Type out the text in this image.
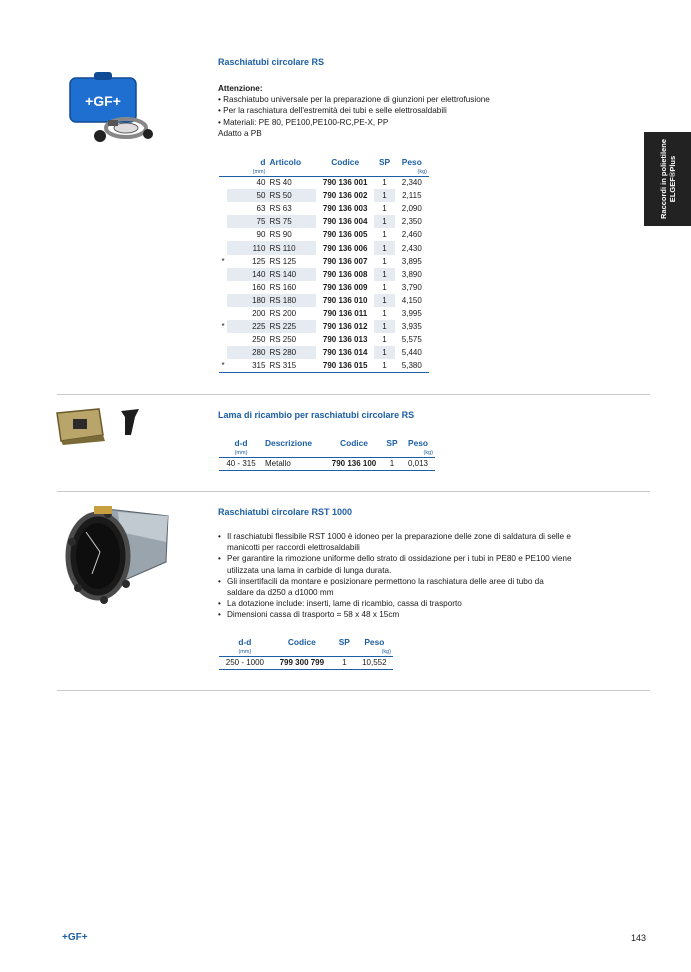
Raccordi in polietilene ELGEF®Plus
+GF+
Raschiatubi circolare RS
Attenzione:
• Raschiatubo universale per la preparazione di giunzioni per elettrofusione
• Per la raschiatura dell'estremità dei tubi e selle elettrosaldabili
• Materiali: PE 80, PE100,PE100-RC,PE-X, PP
Adatto a PB
	d	Articolo	Codice	SP	Peso
	(mm)				(kg)
	40	RS 40	790 136 001	1	2,340
	50	RS 50	790 136 002	1	2,115
	63	RS 63	790 136 003	1	2,090
	75	RS 75	790 136 004	1	2,350
	90	RS 90	790 136 005	1	2,460
	110	RS 110	790 136 006	1	2,430
*	125	RS 125	790 136 007	1	3,895
	140	RS 140	790 136 008	1	3,890
	160	RS 160	790 136 009	1	3,790
	180	RS 180	790 136 010	1	4,150
	200	RS 200	790 136 011	1	3,995
*	225	RS 225	790 136 012	1	3,935
	250	RS 250	790 136 013	1	5,575
	280	RS 280	790 136 014	1	5,440
*	315	RS 315	790 136 015	1	5,380
Lama di ricambio per raschiatubi circolare RS
d-d	Descrizione	Codice	SP	Peso
(mm)				(kg)
40 - 315	Metallo	790 136 100	1	0,013
Raschiatubi circolare RST 1000
• Il raschiatubi flessibile RST 1000 è idoneo per la preparazione delle zone di saldatura di selle e
manicotti per raccordi elettrosaldabili
• Per garantire la rimozione uniforme dello strato di ossidazione per i tubi in PE80 e PE100 viene
utilizzata una lama in carbide di lunga durata.
• Gli insertifacili da montare e posizionare permettono la raschiatura delle aree di tubo da
saldare da d250 a d1000 mm
• La dotazione include: inserti, lame di ricambio, cassa di trasporto
• Dimensioni cassa di trasporto = 58 x 48 x 15cm
d-d	Codice	SP	Peso
(mm)			(kg)
250 - 1000	799 300 799	1	10,552
+GF+	143
